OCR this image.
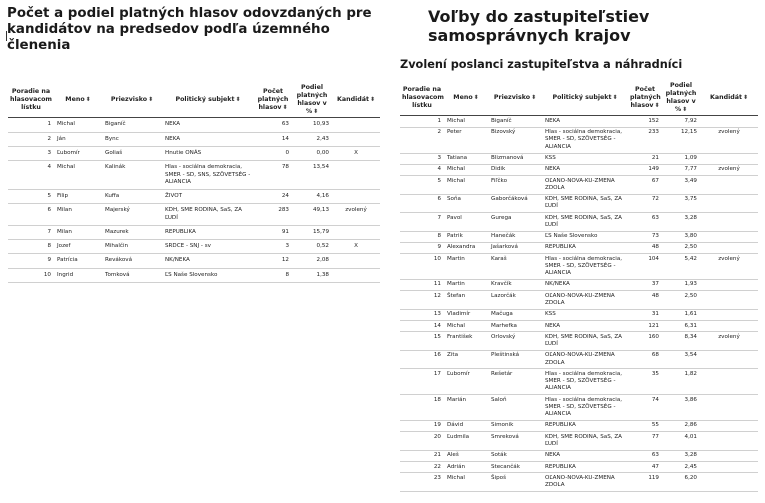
Počet a podiel platných hlasov odovzdaných pre kandidátov na predsedov podľa územného členenia
Poradie na hlasovacom lístku	Meno⬍	Priezvisko⬍	Politický subjekt⬍	Počet platných hlasov⬍	Podiel platných hlasov v %⬍	Kandidát⬍
1	Michal	Biganíč	NEKA	63	10,93	
2	Ján	Bync	NEKA	14	2,43	
3	Ľubomír	Goliaš	Hnutie ONÁS	0	0,00	X
4	Michal	Kalinák	Hlas - sociálna demokracia, SMER - SD, SNS, SZÖVETSÉG - ALIANCIA	78	13,54	
5	Filip	Kuffa	ŽIVOT	24	4,16	
6	Milan	Majerský	KDH, SME RODINA, SaS, ZA ĽUDÍ	283	49,13	zvolený
7	Milan	Mazurek	REPUBLIKA	91	15,79	
8	Jozef	Mihalčin	SRDCE - SNJ - sv	3	0,52	X
9	Patrícia	Reváková	NK/NEKA	12	2,08	
10	Ingrid	Tomková	ĽS Naše Slovensko	8	1,38	
Voľby do zastupiteľstiev samosprávnych krajov
Zvolení poslanci zastupiteľstva a náhradníci
Poradie na hlasovacom lístku	Meno⬍	Priezvisko⬍	Politický subjekt⬍	Počet platných hlasov⬍	Podiel platných hlasov v %⬍	Kandidát⬍
1	Michal	Biganíč	NEKA	152	7,92	
2	Peter	Bizovský	Hlas - sociálna demokracia, SMER - SD, SZÖVETSÉG - ALIANCIA	233	12,15	zvolený
3	Tatiana	Blizmanová	KSS	21	1,09	
4	Michal	Didik	NEKA	149	7,77	zvolený
5	Michal	Fiľčko	OĽANO-NOVA-KU-ZMENA ZDOLA	67	3,49	
6	Soňa	Gaborčáková	KDH, SME RODINA, SaS, ZA ĽUDÍ	72	3,75	
7	Pavol	Gurega	KDH, SME RODINA, SaS, ZA ĽUDÍ	63	3,28	
8	Patrik	Hanečák	ĽS Naše Slovensko	73	3,80	
9	Alexandra	Jašarková	REPUBLIKA	48	2,50	
10	Martin	Karaš	Hlas - sociálna demokracia, SMER - SD, SZÖVETSÉG - ALIANCIA	104	5,42	zvolený
11	Martin	Kravčík	NK/NEKA	37	1,93	
12	Štefan	Lazorčák	OĽANO-NOVA-KU-ZMENA ZDOLA	48	2,50	
13	Vladimír	Mačuga	KSS	31	1,61	
14	Michal	Marhefka	NEKA	121	6,31	
15	František	Orlovský	KDH, SME RODINA, SaS, ZA ĽUDÍ	160	8,34	zvolený
16	Zita	Pleštinská	OĽANO-NOVA-KU-ZMENA ZDOLA	68	3,54	
17	Ľubomír	Rešetár	Hlas - sociálna demokracia, SMER - SD, SZÖVETSÉG - ALIANCIA	35	1,82	
18	Marián	Saloň	Hlas - sociálna demokracia, SMER - SD, SZÖVETSÉG - ALIANCIA	74	3,86	
19	Dávid	Simonik	REPUBLIKA	55	2,86	
20	Ľudmila	Smreková	KDH, SME RODINA, SaS, ZA ĽUDÍ	77	4,01	
21	Aleš	Soták	NEKA	63	3,28	
22	Adrián	Stecančák	REPUBLIKA	47	2,45	
23	Michal	Šipoš	OĽANO-NOVA-KU-ZMENA ZDOLA	119	6,20	
